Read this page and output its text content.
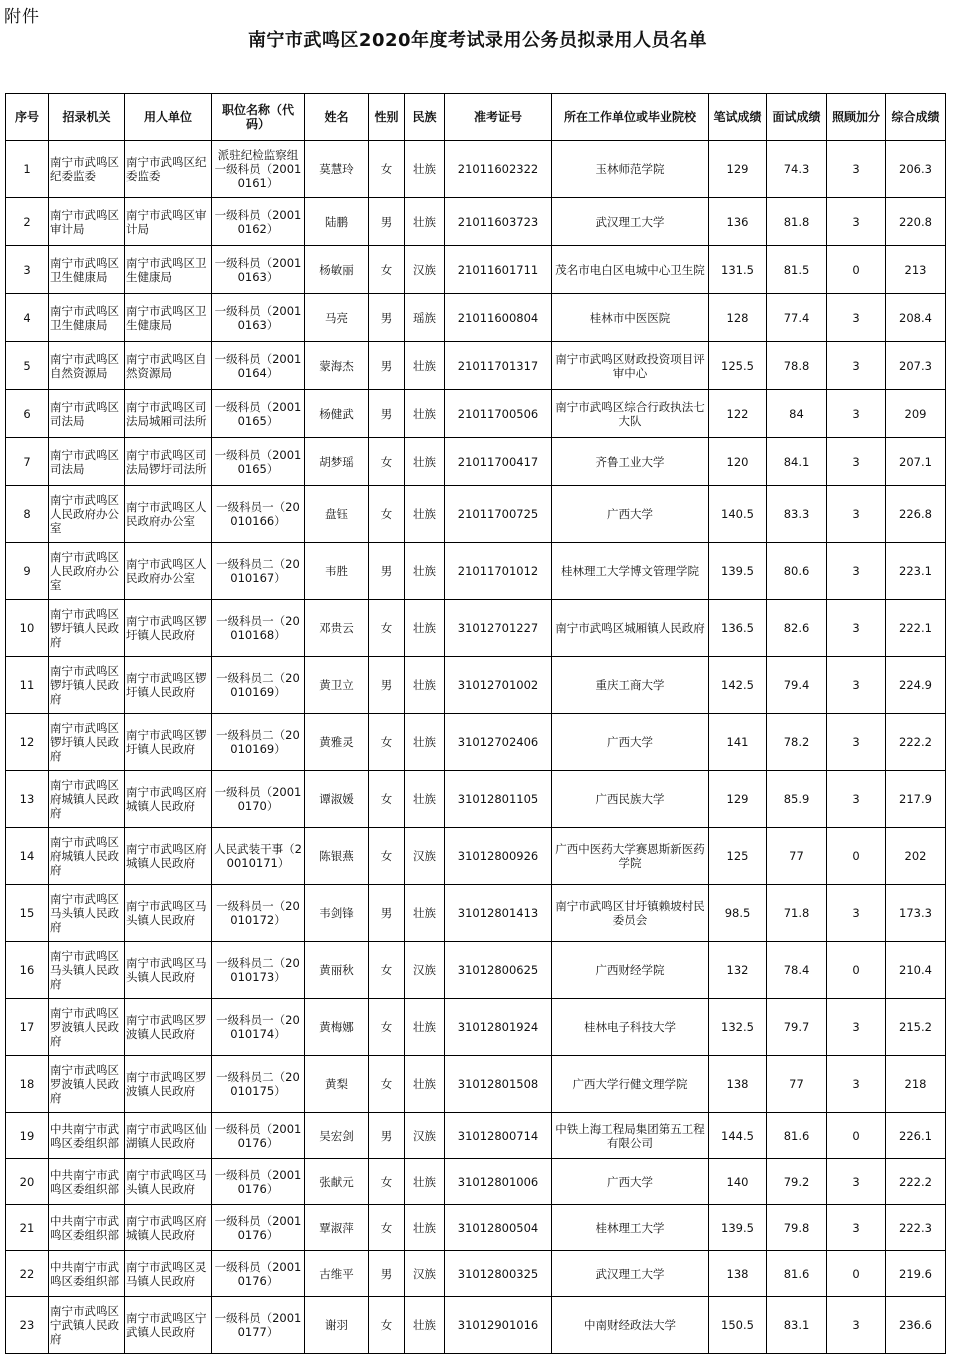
附件
南宁市武鸣区2020年度考试录用公务员拟录用人员名单
序号	招录机关	用人单位	职位名称（代码）	姓名	性别	民族	准考证号	所在工作单位或毕业院校	笔试成绩	面试成绩	照顾加分	综合成绩
1	南宁市武鸣区纪委监委	南宁市武鸣区纪委监委	派驻纪检监察组一级科员（20010161）	莫慧玲	女	壮族	21011602322	玉林师范学院	129	74.3	3	206.3
2	南宁市武鸣区审计局	南宁市武鸣区审计局	一级科员（20010162）	陆鹏	男	壮族	21011603723	武汉理工大学	136	81.8	3	220.8
3	南宁市武鸣区卫生健康局	南宁市武鸣区卫生健康局	一级科员（20010163）	杨敏丽	女	汉族	21011601711	茂名市电白区电城中心卫生院	131.5	81.5	0	213
4	南宁市武鸣区卫生健康局	南宁市武鸣区卫生健康局	一级科员（20010163）	马亮	男	瑶族	21011600804	桂林市中医医院	128	77.4	3	208.4
5	南宁市武鸣区自然资源局	南宁市武鸣区自然资源局	一级科员（20010164）	蒙海杰	男	壮族	21011701317	南宁市武鸣区财政投资项目评审中心	125.5	78.8	3	207.3
6	南宁市武鸣区司法局	南宁市武鸣区司法局城厢司法所	一级科员（20010165）	杨健武	男	壮族	21011700506	南宁市武鸣区综合行政执法七大队	122	84	3	209
7	南宁市武鸣区司法局	南宁市武鸣区司法局锣圩司法所	一级科员（20010165）	胡梦瑶	女	壮族	21011700417	齐鲁工业大学	120	84.1	3	207.1
8	南宁市武鸣区人民政府办公室	南宁市武鸣区人民政府办公室	一级科员一（20010166）	盘钰	女	壮族	21011700725	广西大学	140.5	83.3	3	226.8
9	南宁市武鸣区人民政府办公室	南宁市武鸣区人民政府办公室	一级科员二（20010167）	韦胜	男	壮族	21011701012	桂林理工大学博文管理学院	139.5	80.6	3	223.1
10	南宁市武鸣区锣圩镇人民政府	南宁市武鸣区锣圩镇人民政府	一级科员一（20010168）	邓贵云	女	壮族	31012701227	南宁市武鸣区城厢镇人民政府	136.5	82.6	3	222.1
11	南宁市武鸣区锣圩镇人民政府	南宁市武鸣区锣圩镇人民政府	一级科员二（20010169）	黄卫立	男	壮族	31012701002	重庆工商大学	142.5	79.4	3	224.9
12	南宁市武鸣区锣圩镇人民政府	南宁市武鸣区锣圩镇人民政府	一级科员二（20010169）	黄雅灵	女	壮族	31012702406	广西大学	141	78.2	3	222.2
13	南宁市武鸣区府城镇人民政府	南宁市武鸣区府城镇人民政府	一级科员（20010170）	谭淑媛	女	壮族	31012801105	广西民族大学	129	85.9	3	217.9
14	南宁市武鸣区府城镇人民政府	南宁市武鸣区府城镇人民政府	人民武装干事（20010171）	陈银燕	女	汉族	31012800926	广西中医药大学赛恩斯新医药学院	125	77	0	202
15	南宁市武鸣区马头镇人民政府	南宁市武鸣区马头镇人民政府	一级科员一（20010172）	韦剑锋	男	壮族	31012801413	南宁市武鸣区甘圩镇赖坡村民委员会	98.5	71.8	3	173.3
16	南宁市武鸣区马头镇人民政府	南宁市武鸣区马头镇人民政府	一级科员二（20010173）	黄丽秋	女	汉族	31012800625	广西财经学院	132	78.4	0	210.4
17	南宁市武鸣区罗波镇人民政府	南宁市武鸣区罗波镇人民政府	一级科员一（20010174）	黄梅娜	女	壮族	31012801924	桂林电子科技大学	132.5	79.7	3	215.2
18	南宁市武鸣区罗波镇人民政府	南宁市武鸣区罗波镇人民政府	一级科员二（20010175）	黄梨	女	壮族	31012801508	广西大学行健文理学院	138	77	3	218
19	中共南宁市武鸣区委组织部	南宁市武鸣区仙湖镇人民政府	一级科员（20010176）	吴宏剑	男	汉族	31012800714	中铁上海工程局集团第五工程有限公司	144.5	81.6	0	226.1
20	中共南宁市武鸣区委组织部	南宁市武鸣区马头镇人民政府	一级科员（20010176）	张献元	女	壮族	31012801006	广西大学	140	79.2	3	222.2
21	中共南宁市武鸣区委组织部	南宁市武鸣区府城镇人民政府	一级科员（20010176）	覃淑萍	女	壮族	31012800504	桂林理工大学	139.5	79.8	3	222.3
22	中共南宁市武鸣区委组织部	南宁市武鸣区灵马镇人民政府	一级科员（20010176）	古维平	男	汉族	31012800325	武汉理工大学	138	81.6	0	219.6
23	南宁市武鸣区宁武镇人民政府	南宁市武鸣区宁武镇人民政府	一级科员（20010177）	谢羽	女	壮族	31012901016	中南财经政法大学	150.5	83.1	3	236.6
